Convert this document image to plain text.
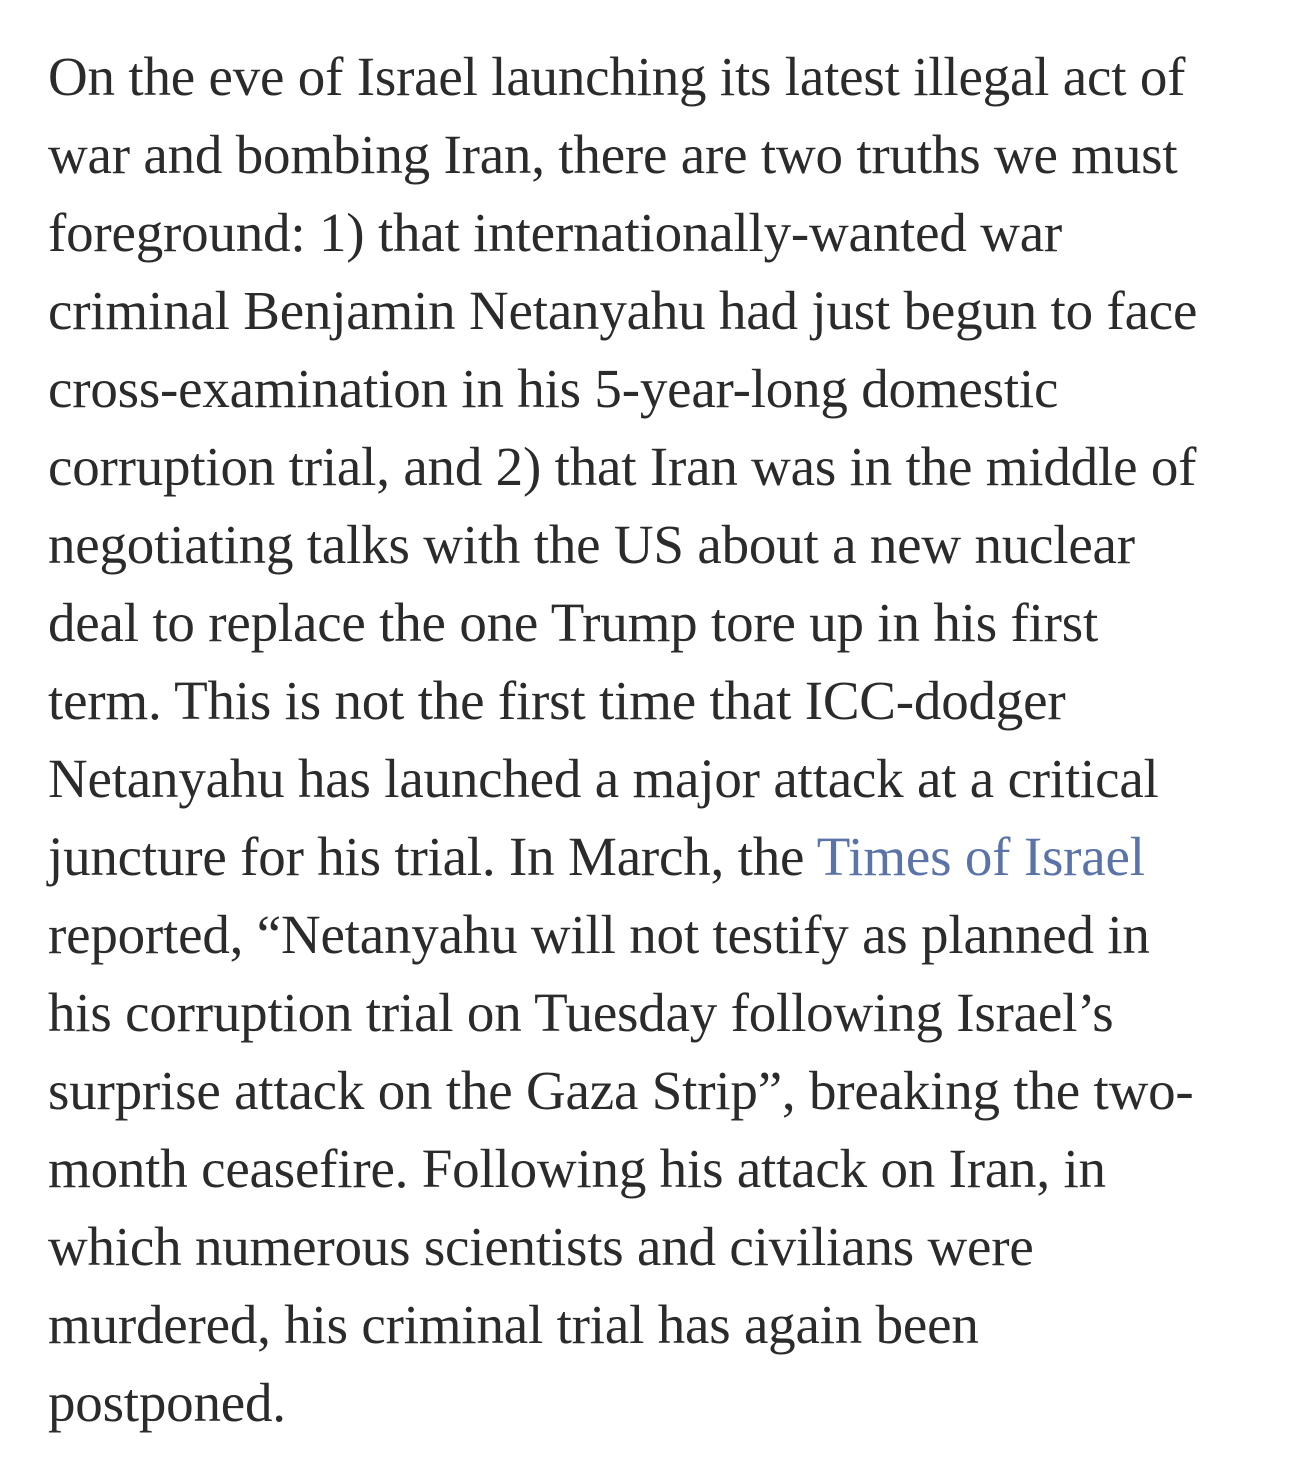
On the eve of Israel launching its latest illegal act of
war and bombing Iran, there are two truths we must
foreground: 1) that internationally-wanted war
criminal Benjamin Netanyahu had just begun to face
cross-examination in his 5-year-long domestic
corruption trial, and 2) that Iran was in the middle of
negotiating talks with the US about a new nuclear
deal to replace the one Trump tore up in his first
term. This is not the first time that ICC-dodger
Netanyahu has launched a major attack at a critical
juncture for his trial. In March, the Times of Israel
reported, “Netanyahu will not testify as planned in
his corruption trial on Tuesday following Israel’s
surprise attack on the Gaza Strip”, breaking the two-
month ceasefire. Following his attack on Iran, in
which numerous scientists and civilians were
murdered, his criminal trial has again been
postponed.
